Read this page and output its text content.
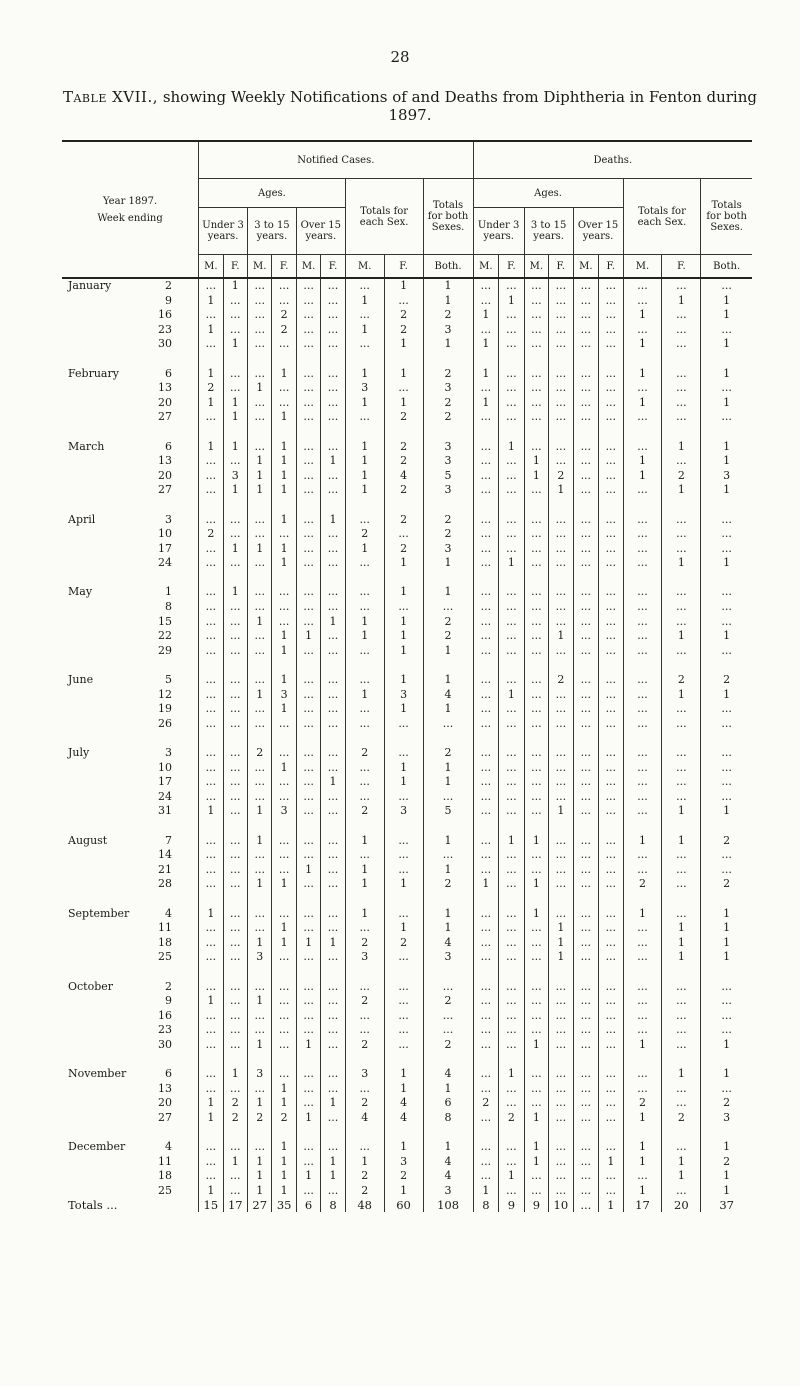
28
Table XVII., showing Weekly Notifications of and Deaths from Diphtheria in Fenton during 1897.
Year 1897.
Week ending	Notified Cases.									Deaths.								
	Ages.						Totals for each Sex.		Totals for both Sexes.	Ages.						Totals for each Sex.		Totals for both Sexes.
	Under 3 years.		3 to 15 years.		Over 15 years.					Under 3 years.		3 to 15 years.		Over 15 years.				
	M.	F.	M.	F.	M.	F.	M.	F.	Both.	M.	F.	M.	F.	M.	F.	M.	F.	Both.
January 2	...	1	...	...	...	...	...	1	1	...	...	...	...	...	...	...	...	...
9	1	...	...	...	...	...	1	...	1	...	1	...	...	...	...	...	1	1
16	...	...	...	2	...	...	...	2	2	1	...	...	...	...	...	1	...	1
23	1	...	...	2	...	...	1	2	3	...	...	...	...	...	...	...	...	...
30	...	1	...	...	...	...	...	1	1	1	...	...	...	...	...	1	...	1

February 6	1	...	...	1	...	...	1	1	2	1	...	...	...	...	...	1	...	1
13	2	...	1	...	...	...	3	...	3	...	...	...	...	...	...	...	...	...
20	1	1	...	...	...	...	1	1	2	1	...	...	...	...	...	1	...	1
27	...	1	...	1	...	...	...	2	2	...	...	...	...	...	...	...	...	...

March 6	1	1	...	1	...	...	1	2	3	...	1	...	...	...	...	...	1	1
13	...	...	1	1	...	1	1	2	3	...	...	1	...	...	...	1	...	1
20	...	3	1	1	...	...	1	4	5	...	...	1	2	...	...	1	2	3
27	...	1	1	1	...	...	1	2	3	...	...	...	1	...	...	...	1	1

April 3	...	...	...	1	...	1	...	2	2	...	...	...	...	...	...	...	...	...
10	2	...	...	...	...	...	2	...	2	...	...	...	...	...	...	...	...	...
17	...	1	1	1	...	...	1	2	3	...	...	...	...	...	...	...	...	...
24	...	...	...	1	...	...	...	1	1	...	1	...	...	...	...	...	1	1

May 1	...	1	...	...	...	...	...	1	1	...	...	...	...	...	...	...	...	...
8	...	...	...	...	...	...	...	...	...	...	...	...	...	...	...	...	...	...
15	...	...	1	...	...	1	1	1	2	...	...	...	...	...	...	...	...	...
22	...	...	...	1	1	...	1	1	2	...	...	...	1	...	...	...	1	1
29	...	...	...	1	...	...	...	1	1	...	...	...	...	...	...	...	...	...

June 5	...	...	...	1	...	...	...	1	1	...	...	...	2	...	...	...	2	2
12	...	...	1	3	...	...	1	3	4	...	1	...	...	...	...	...	1	1
19	...	...	...	1	...	...	...	1	1	...	...	...	...	...	...	...	...	...
26	...	...	...	...	...	...	...	...	...	...	...	...	...	...	...	...	...	...

July 3	...	...	2	...	...	...	2	...	2	...	...	...	...	...	...	...	...	...
10	...	...	...	1	...	...	...	1	1	...	...	...	...	...	...	...	...	...
17	...	...	...	...	...	1	...	1	1	...	...	...	...	...	...	...	...	...
24	...	...	...	...	...	...	...	...	...	...	...	...	...	...	...	...	...	...
31	1	...	1	3	...	...	2	3	5	...	...	...	1	...	...	...	1	1

August 7	...	...	1	...	...	...	1	...	1	...	1	1	...	...	...	1	1	2
14	...	...	...	...	...	...	...	...	...	...	...	...	...	...	...	...	...	...
21	...	...	...	...	1	...	1	...	1	...	...	...	...	...	...	...	...	...
28	...	...	1	1	...	...	1	1	2	1	...	1	...	...	...	2	...	2

September 4	1	...	...	...	...	...	1	...	1	...	...	1	...	...	...	1	...	1
11	...	...	...	1	...	...	...	1	1	...	...	...	1	...	...	...	1	1
18	...	...	1	1	1	1	2	2	4	...	...	...	1	...	...	...	1	1
25	...	...	3	...	...	...	3	...	3	...	...	...	1	...	...	...	1	1

October 2	...	...	...	...	...	...	...	...	...	...	...	...	...	...	...	...	...	...
9	1	...	1	...	...	...	2	...	2	...	...	...	...	...	...	...	...	...
16	...	...	...	...	...	...	...	...	...	...	...	...	...	...	...	...	...	...
23	...	...	...	...	...	...	...	...	...	...	...	...	...	...	...	...	...	...
30	...	...	1	...	1	...	2	...	2	...	...	1	...	...	...	1	...	1

November 6	...	1	3	...	...	...	3	1	4	...	1	...	...	...	...	...	1	1
13	...	...	...	1	...	...	...	1	1	...	...	...	...	...	...	...	...	...
20	1	2	1	1	...	1	2	4	6	2	...	...	...	...	...	2	...	2
27	1	2	2	2	1	...	4	4	8	...	2	1	...	...	...	1	2	3

December 4	...	...	...	1	...	...	...	1	1	...	...	1	...	...	...	1	...	1
11	...	1	1	1	...	1	1	3	4	...	...	1	...	...	1	1	1	2
18	...	...	1	1	1	1	2	2	4	...	1	...	...	...	...	...	1	1
25	1	...	1	1	...	...	2	1	3	1	...	...	...	...	...	1	...	1
Totals ...	15	17	27	35	6	8	48	60	108	8	9	9	10	...	1	17	20	37
